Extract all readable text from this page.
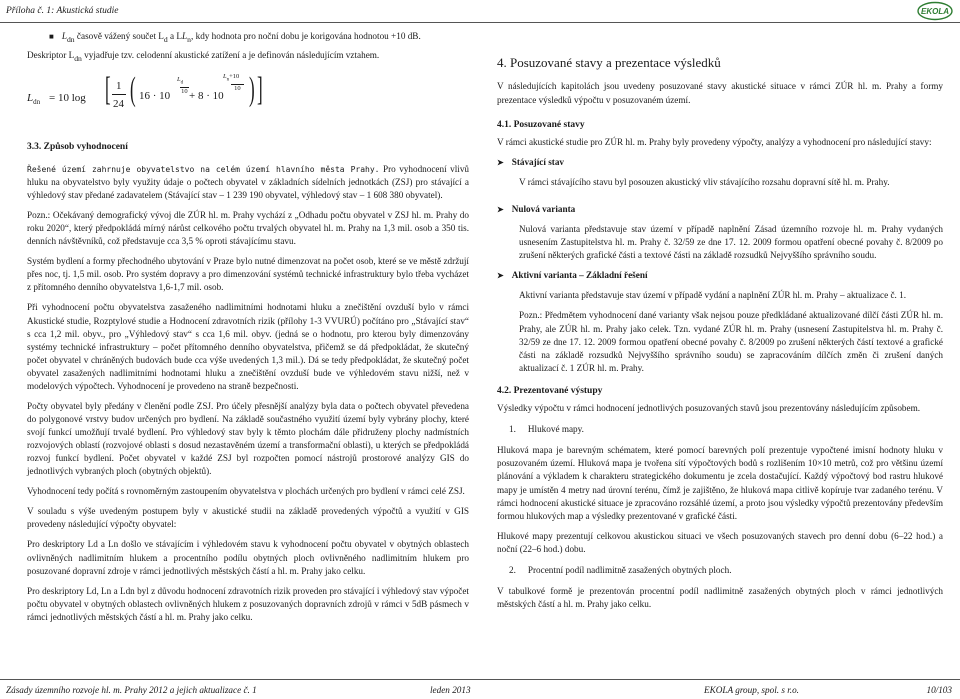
Příloha č. 1: Akustická studie	EKOLA
■ $L_{dn}$ časově vážený součet $L_d$ a $LL_n$, kdy hodnota pro noční dobu je korigována hodnotou +10 dB.
Deskriptor $L_{dn}$ vyjadřuje tzv. celodenní akustické zatížení a je definován následujícím vztahem.
$L_{dn} = 10$ log [ 1
24 ( 16 · 10
$L_d$

10 + 8 · 10
$L_n+10$

10 ) ]
3.3. Způsob vyhodnocení
Řešené území zahrnuje obyvatelstvo na celém území hlavního města Prahy. Pro vyhodnocení vlivů hluku na obyvatelstvo byly využity údaje o počtech obyvatel v základních sídelních jednotkách (ZSJ) pro stávající a výhledový stav předané zadavatelem (Stávající stav – 1 239 190 obyvatel, výhledový stav – 1 608 380 obyvatel).
Pozn.: Očekávaný demografický vývoj dle ZÚR hl. m. Prahy vychází z „Odhadu počtu obyvatel v ZSJ hl. m. Prahy do roku 2020“, který předpokládá mírný nárůst celkového počtu trvalých obyvatel hl. m. Prahy na 1,3 mil. osob a 350 tis. denních návštěvníků, což představuje cca 3,5 % oproti stávajícímu stavu.
Systém bydlení a formy přechodného ubytování v Praze bylo nutné dimenzovat na počet osob, které se ve městě zdržují přes noc, tj. 1,5 mil. osob. Pro systém dopravy a pro dimenzování systémů technické infrastruktury bylo třeba vycházet z přítomného denního obyvatelstva 1,6-1,7 mil. osob.
Při vyhodnocení počtu obyvatelstva zasaženého nadlimitními hodnotami hluku a znečištění ovzduší bylo v rámci Akustické studie, Rozptylové studie a Hodnocení zdravotních rizik (přílohy 1-3 VVURÚ) počítáno pro „Stávající stav“ s cca 1,2 mil. obyv., pro „Výhledový stav“ s cca 1,6 mil. obyv. (jedná se o hodnotu, pro kterou byly dimenzovány systémy technické infrastruktury – počet přítomného denního obyvatelstva, přičemž se dá předpokládat, že skutečný počet obyvatel v chráněných budovách bude cca výše uvedených 1,3 mil.). Dá se tedy předpokládat, že skutečný počet obyvatel zasažených nadlimitními hodnotami hluku a znečištění ovzduší bude ve výhledovém stavu nižší, než v modelových výpočtech. Vyhodnocení je provedeno na straně bezpečnosti.
Počty obyvatel byly předány v členění podle ZSJ. Pro účely přesnější analýzy byla data o počtech obyvatel převedena do polygonové vrstvy budov určených pro bydlení. Na základě součastného využití území byly vybrány plochy, které svojí funkcí umožňují trvalé bydlení. Pro výhledový stav byly k těmto plochám dále přidruženy plochy nadmístních rozvojových oblastí (rozvojové oblasti s dosud nezastavěném území a transformační oblasti), u kterých se předpokládá rozvoj funkcí bydlení. Počet obyvatel v každé ZSJ byl rozpočten pomocí nástrojů prostorové analýzy GIS do jednotlivých vybraných ploch (obytných objektů).
Vyhodnocení tedy počítá s rovnoměrným zastoupením obyvatelstva v plochách určených pro bydlení v rámci celé ZSJ.
V souladu s výše uvedeným postupem byly v akustické studii na základě provedených výpočtů a využití v GIS provedeny následující výpočty obyvatel:
Pro deskriptory Ld a Ln došlo ve stávajícím i výhledovém stavu k vyhodnocení počtu obyvatel v obytných oblastech ovlivněných nadlimitním hlukem a procentního podílu obytných ploch ovlivněného nadlimitním hlukem pro posuzované dopravní zdroje v rámci jednotlivých městských částí a hl. m. Prahy jako celku.
Pro deskriptory Ld, Ln a Ldn byl z důvodu hodnocení zdravotních rizik proveden pro stávající i výhledový stav výpočet počtu obyvatel v obytných oblastech ovlivněných hlukem z posuzovaných dopravních zdrojů v rámci v 5dB pásmech v rámci jednotlivých městských částí a hl. m. Prahy jako celku.
4. Posuzované stavy a prezentace výsledků
V následujících kapitolách jsou uvedeny posuzované stavy akustické situace v rámci ZÚR hl. m. Prahy a formy prezentace výsledků výpočtu v posuzovaném území.
4.1. Posuzované stavy
V rámci akustické studie pro ZÚR hl. m. Prahy byly provedeny výpočty, analýzy a vyhodnocení pro následující stavy:
➤ Stávající stav
V rámci stávajícího stavu byl posouzen akustický vliv stávajícího rozsahu dopravní sítě hl. m. Prahy.
➤ Nulová varianta
Nulová varianta představuje stav území v případě naplnění Zásad územního rozvoje hl. m. Prahy vydaných usnesením Zastupitelstva hl. m. Prahy č. 32/59 ze dne 17. 12. 2009 formou opatření obecné povahy č. 8/2009 po zrušení některých grafické části a textové části na základě rozsudků Nejvyššího správního soudu.
➤ Aktivní varianta – Základní řešení
Aktivní varianta představuje stav území v případě vydání a naplnění ZÚR hl. m. Prahy – aktualizace č. 1.
Pozn.: Předmětem vyhodnocení dané varianty však nejsou pouze předkládané aktualizované dílčí části ZÚR hl. m. Prahy, ale ZÚR hl. m. Prahy jako celek. Tzn. vydané ZÚR hl. m. Prahy (usnesení Zastupitelstva hl. m. Prahy č. 32/59 ze dne 17. 12. 2009 formou opatření obecné povahy č. 8/2009 po zrušení některých částí textové a grafické části na základě rozsudků Nejvyššího správního soudu) se zapracováním dílčích změn či zrušení daných aktualizací č. 1 ZÚR hl. m. Prahy.
4.2. Prezentované výstupy
Výsledky výpočtu v rámci hodnocení jednotlivých posuzovaných stavů jsou prezentovány následujícím způsobem.
1. Hlukové mapy.
Hluková mapa je barevným schématem, které pomocí barevných polí prezentuje vypočtené imisní hodnoty hluku v posuzovaném území. Hluková mapa je tvořena sítí výpočtových bodů s rozlišením 10×10 metrů, což pro většinu území plánování a výkladem k charakteru strategického dokumentu je zcela dostačující. Každý výpočtový bod rastru hlukové mapy je umístěn 4 metry nad úrovní terénu, čímž je zajištěno, že hluková mapa citlivě kopíruje tvar zadaného terénu. V rámci hodnocení akustické situace je zpracováno rozsáhlé území, a proto jsou výsledky výpočtů prezentovány především formou hlukových map a výsledky prezentované v grafické části.
Hlukové mapy prezentují celkovou akustickou situaci ve všech posuzovaných stavech pro denní dobu (6–22 hod.) a noční (22–6 hod.) dobu.
2. Procentní podíl nadlimitně zasažených obytných ploch.
V tabulkové formě je prezentován procentní podíl nadlimitně zasažených obytných ploch v rámci jednotlivých městských částí a hl. m. Prahy jako celku.
Zásady územního rozvoje hl. m. Prahy 2012 a jejich aktualizace č. 1	leden 2013	EKOLA group, spol. s r.o.	10/103
